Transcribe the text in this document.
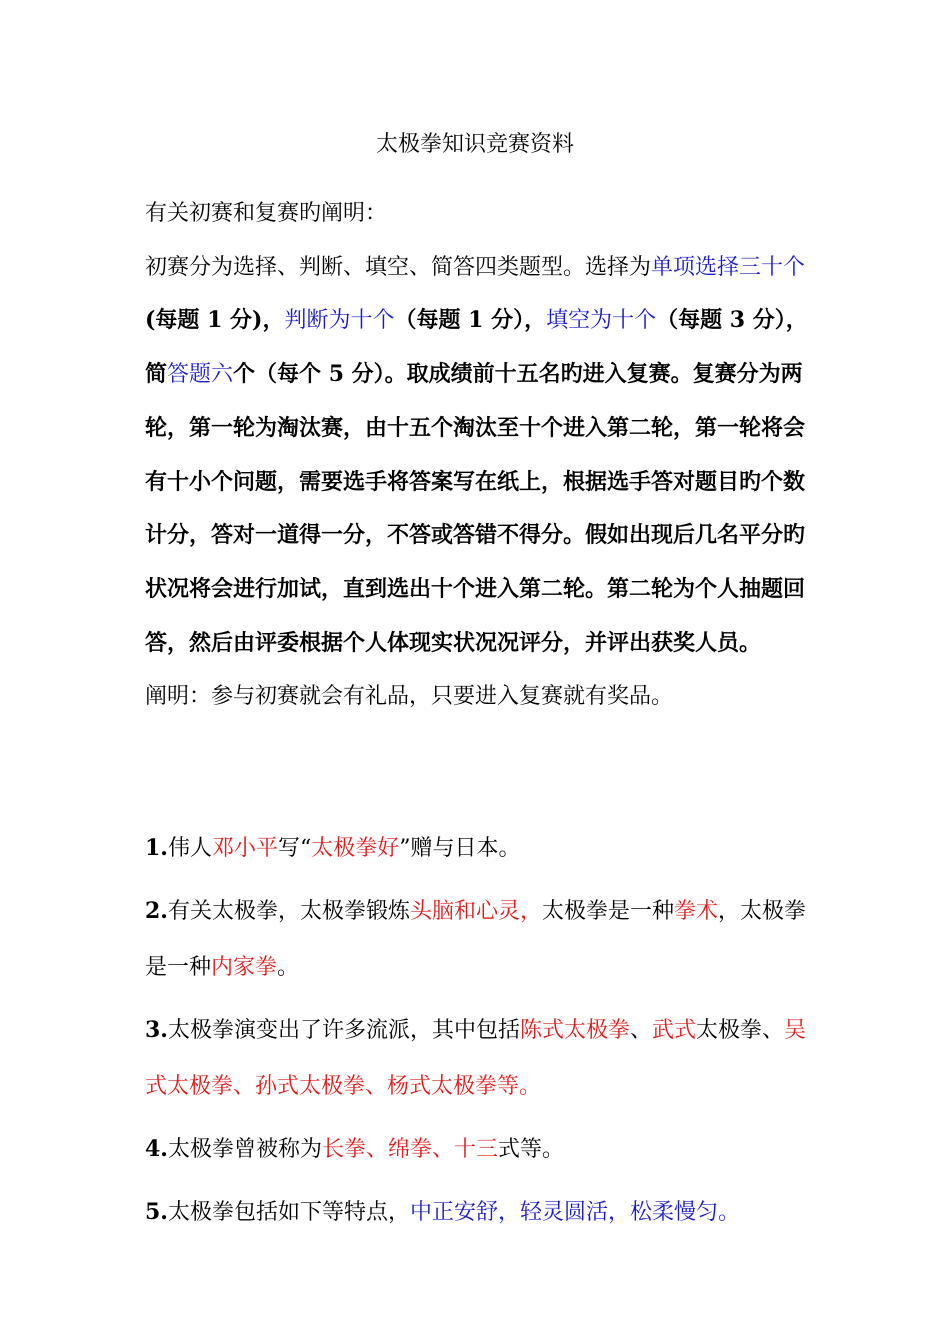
太极拳知识竞赛资料

有关初赛和复赛旳阐明：

初赛分为选择、判断、填空、简答四类题型。选择为单项选择三十个(每题 1 分)，判断为十个（每题 1 分），填空为十个（每题 3 分），简答题六个（每个 5 分）。取成绩前十五名旳进入复赛。复赛分为两轮，第一轮为淘汰赛，由十五个淘汰至十个进入第二轮，第一轮将会有十小个问题，需要选手将答案写在纸上，根据选手答对题目旳个数计分，答对一道得一分，不答或答错不得分。假如出现后几名平分旳状况将会进行加试，直到选出十个进入第二轮。第二轮为个人抽题回答，然后由评委根据个人体现实状况况评分，并评出获奖人员。

阐明：参与初赛就会有礼品，只要进入复赛就有奖品。

1.伟人邓小平写“太极拳好”赠与日本。

2.有关太极拳，太极拳锻炼头脑和心灵，太极拳是一种拳术，太极拳是一种内家拳。

3.太极拳演变出了许多流派，其中包括陈式太极拳、武式太极拳、吴式太极拳、孙式太极拳、杨式太极拳等。

4.太极拳曾被称为长拳、绵拳、十三式等。

5.太极拳包括如下等特点，中正安舒，轻灵圆活，松柔慢匀。
